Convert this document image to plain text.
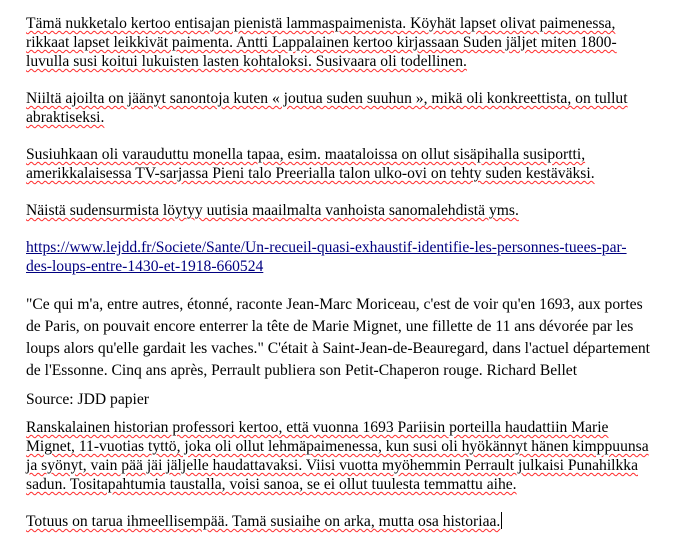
Tämä nukketalo kertoo entisajan pienistä lammaspaimenista. Köyhät lapset olivat paimenessa,
rikkaat lapset leikkivät paimenta. Antti Lappalainen kertoo kirjassaan Suden jäljet miten 1800-
luvulla susi koitui lukuisten lasten kohtaloksi. Susivaara oli todellinen.

Niiltä ajoilta on jäänyt sanontoja kuten « joutua suden suuhun », mikä oli konkreettista, on tullut
abraktiseksi.

Susiuhkaan oli varauduttu monella tapaa, esim. maataloissa on ollut sisäpihalla susiportti,
amerikkalaisessa TV-sarjassa Pieni talo Preerialla talon ulko-ovi on tehty suden kestäväksi.

Näistä sudensurmista löytyy uutisia maailmalta vanhoista sanomalehdistä yms.

https://www.lejdd.fr/Societe/Sante/Un-recueil-quasi-exhaustif-identifie-les-personnes-tuees-par-
des-loups-entre-1430-et-1918-660524

"Ce qui m'a, entre autres, étonné, raconte Jean-Marc Moriceau, c'est de voir qu'en 1693, aux portes
de Paris, on pouvait encore enterrer la tête de Marie Mignet, une fillette de 11 ans dévorée par les
loups alors qu'elle gardait les vaches." C'était à Saint-Jean-de-Beauregard, dans l'actuel département
de l'Essonne. Cinq ans après, Perrault publiera son Petit-Chaperon rouge. Richard Bellet

Source: JDD papier

Ranskalainen historian professori kertoo, että vuonna 1693 Pariisin porteilla haudattiin Marie
Mignet, 11-vuotias tyttö, joka oli ollut lehmäpaimenessa, kun susi oli hyökännyt hänen kimppuunsa
ja syönyt, vain pää jäi jäljelle haudattavaksi. Viisi vuotta myöhemmin Perrault julkaisi Punahilkka
sadun. Tositapahtumia taustalla, voisi sanoa, se ei ollut tuulesta temmattu aihe.

Totuus on tarua ihmeellisempää. Tamä susiaihe on arka, mutta osa historiaa.
